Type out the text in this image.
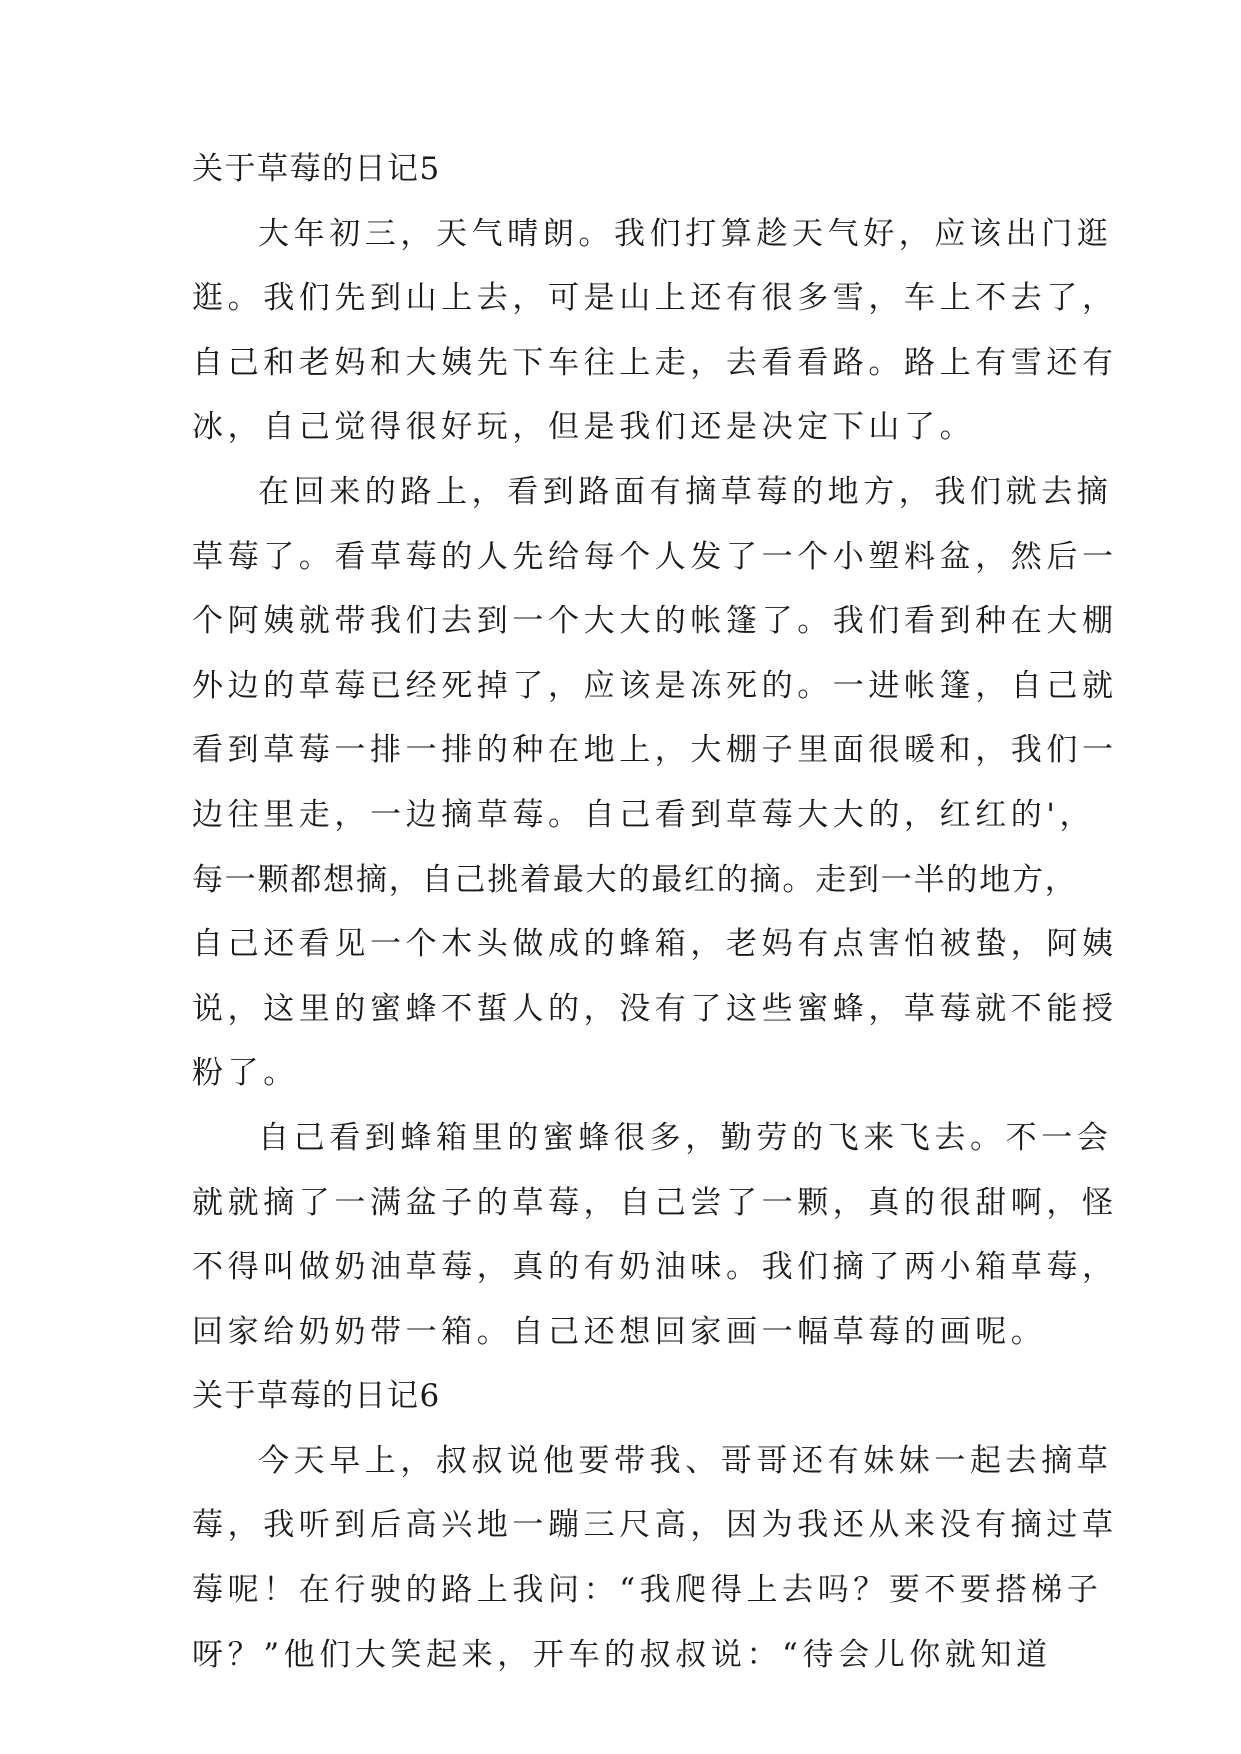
关于草莓的日记5
大年初三，天气晴朗。我们打算趁天气好，应该出门逛
逛。我们先到山上去，可是山上还有很多雪，车上不去了，
自己和老妈和大姨先下车往上走，去看看路。路上有雪还有
冰，自己觉得很好玩，但是我们还是决定下山了。
在回来的路上，看到路面有摘草莓的地方，我们就去摘
草莓了。看草莓的人先给每个人发了一个小塑料盆，然后一
个阿姨就带我们去到一个大大的帐篷了。我们看到种在大棚
外边的草莓已经死掉了，应该是冻死的。一进帐篷，自己就
看到草莓一排一排的种在地上，大棚子里面很暖和，我们一
边往里走，一边摘草莓。自己看到草莓大大的，红红的'，
每一颗都想摘，自己挑着最大的最红的摘。走到一半的地方，
自己还看见一个木头做成的蜂箱，老妈有点害怕被蛰，阿姨
说，这里的蜜蜂不蜇人的，没有了这些蜜蜂，草莓就不能授
粉了。
自己看到蜂箱里的蜜蜂很多，勤劳的飞来飞去。不一会
就就摘了一满盆子的草莓，自己尝了一颗，真的很甜啊，怪
不得叫做奶油草莓，真的有奶油味。我们摘了两小箱草莓，
回家给奶奶带一箱。自己还想回家画一幅草莓的画呢。
关于草莓的日记6
今天早上，叔叔说他要带我、哥哥还有妹妹一起去摘草
莓，我听到后高兴地一蹦三尺高，因为我还从来没有摘过草
莓呢！在行驶的路上我问：“我爬得上去吗？要不要搭梯子
呀？”他们大笑起来，开车的叔叔说：“待会儿你就知道
